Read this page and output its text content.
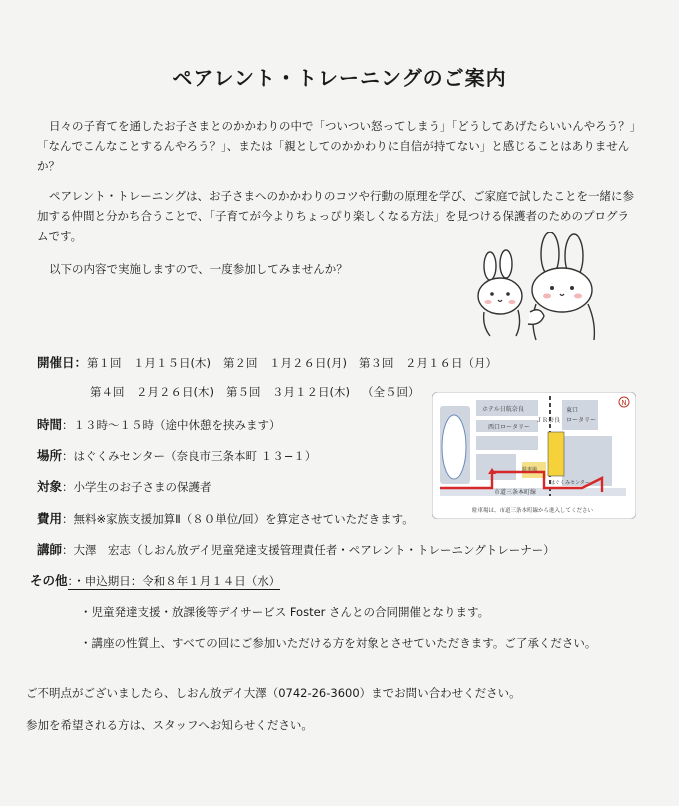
ペアレント・トレーニングのご案内
日々の子育てを通したお子さまとのかかわりの中で「ついつい怒ってしまう」「どうしてあげたらいいんやろう？」「なんでこんなことするんやろう？」、または「親としてのかかわりに自信が持てない」と感じることはありませんか？
ペアレント・トレーニングは、お子さまへのかかわりのコツや行動の原理を学び、ご家庭で試したことを一緒に参加する仲間と分かち合うことで、「子育てが今よりちょっぴり楽しくなる方法」を見つける保護者のためのプログラムです。
以下の内容で実施しますので、一度参加してみませんか？
開催日：第１回　１月１５日(木) 第２回　１月２６日(月) 第３回　２月１６日（月）
第４回　２月２６日(木) 第５回　３月１２日(木) （全５回）
時間：１３時～１５時（途中休憩を挟みます）
場所：はぐくみセンター（奈良市三条本町 １３−１）
対象：小学生のお子さまの保護者
費用：無料※家族支援加算Ⅱ（８０単位/回）を算定させていただきます。
講師：大澤　宏志（しおん放デイ児童発達支援管理責任者・ペアレント・トレーニングトレーナー）
その他：・申込期日：令和８年１月１４日（水）
・児童発達支援・放課後等デイサービス Foster さんとの合同開催となります。
・講座の性質上、すべての回にご参加いただける方を対象とさせていただきます。ご了承ください。
ご不明点がございましたら、しおん放デイ大澤（0742-26-3600）までお問い合わせください。
参加を希望される方は、スタッフへお知らせください。
N
ホテル日航奈良
西口ロータリー
東口
ロータリー
ＪＲ奈良
駐車場
はぐくみセンター
市道三条本町線
駐車場は、市道三条本町線から進入してください
